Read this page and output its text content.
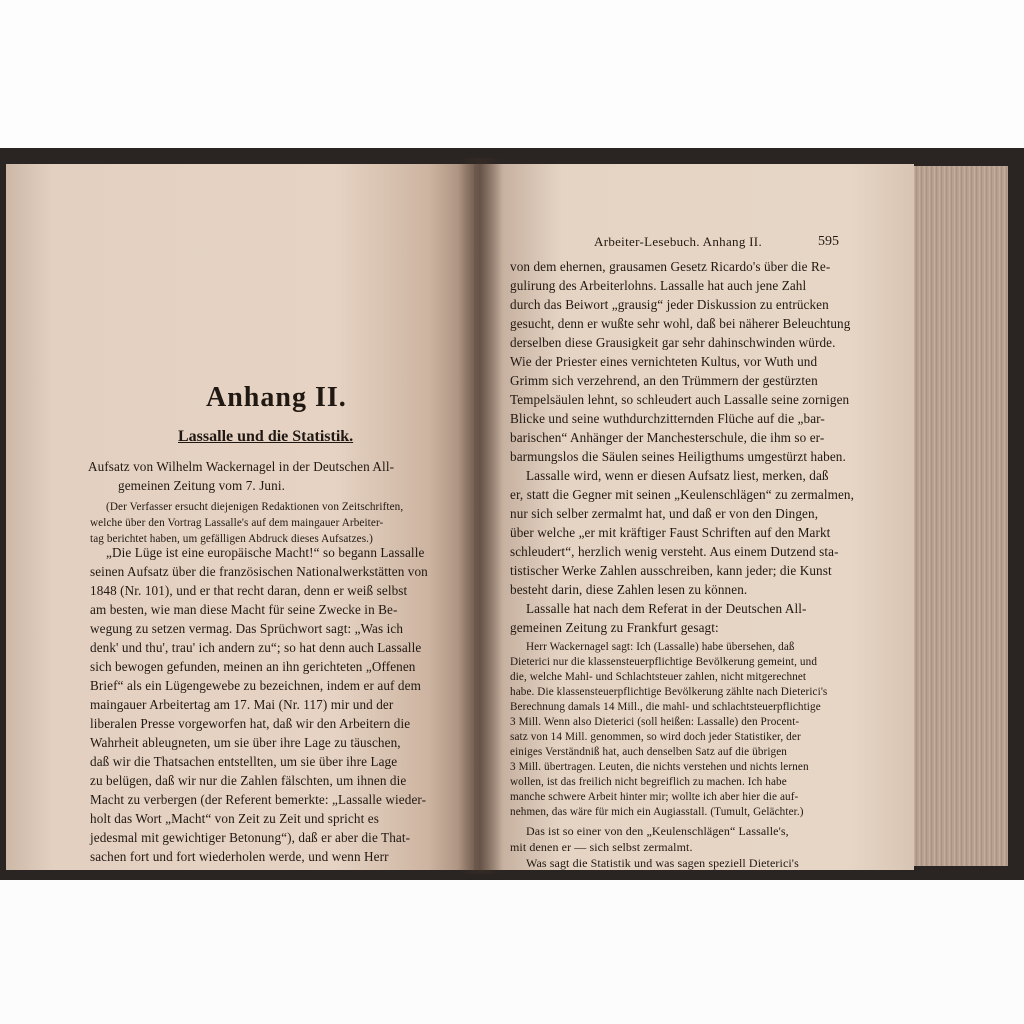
Anhang II.
Lassalle und die Statistik.
Aufsatz von Wilhelm Wackernagel in der Deutschen All-
gemeinen Zeitung vom 7. Juni.
(Der Verfasser ersucht diejenigen Redaktionen von Zeitschriften,
welche über den Vortrag Lassalle's auf dem maingauer Arbeiter-
tag berichtet haben, um gefälligen Abdruck dieses Aufsatzes.)
„Die Lüge ist eine europäische Macht!“ so begann Lassalle
seinen Aufsatz über die französischen Nationalwerkstätten von
1848 (Nr. 101), und er that recht daran, denn er weiß selbst
am besten, wie man diese Macht für seine Zwecke in Be-
wegung zu setzen vermag. Das Sprüchwort sagt: „Was ich
denk' und thu', trau' ich andern zu“; so hat denn auch Lassalle
sich bewogen gefunden, meinen an ihn gerichteten „Offenen
Brief“ als ein Lügengewebe zu bezeichnen, indem er auf dem
maingauer Arbeitertag am 17. Mai (Nr. 117) mir und der
liberalen Presse vorgeworfen hat, daß wir den Arbeitern die
Wahrheit ableugneten, um sie über ihre Lage zu täuschen,
daß wir die Thatsachen entstellten, um sie über ihre Lage
zu belügen, daß wir nur die Zahlen fälschten, um ihnen die
Macht zu verbergen (der Referent bemerkte: „Lassalle wieder-
holt das Wort „Macht“ von Zeit zu Zeit und spricht es
jedesmal mit gewichtiger Betonung“), daß er aber die That-
sachen fort und fort wiederholen werde, und wenn Herr
Arbeiter-Lesebuch. Anhang II.	595
von dem ehernen, grausamen Gesetz Ricardo's über die Re-
gulirung des Arbeiterlohns. Lassalle hat auch jene Zahl
durch das Beiwort „grausig“ jeder Diskussion zu entrücken
gesucht, denn er wußte sehr wohl, daß bei näherer Beleuchtung
derselben diese Grausigkeit gar sehr dahinschwinden würde.
Wie der Priester eines vernichteten Kultus, vor Wuth und
Grimm sich verzehrend, an den Trümmern der gestürzten
Tempelsäulen lehnt, so schleudert auch Lassalle seine zornigen
Blicke und seine wuthdurchzitternden Flüche auf die „bar-
barischen“ Anhänger der Manchesterschule, die ihm so er-
barmungslos die Säulen seines Heiligthums umgestürzt haben.
Lassalle wird, wenn er diesen Aufsatz liest, merken, daß
er, statt die Gegner mit seinen „Keulenschlägen“ zu zermalmen,
nur sich selber zermalmt hat, und daß er von den Dingen,
über welche „er mit kräftiger Faust Schriften auf den Markt
schleudert“, herzlich wenig versteht. Aus einem Dutzend sta-
tistischer Werke Zahlen ausschreiben, kann jeder; die Kunst
besteht darin, diese Zahlen lesen zu können.
Lassalle hat nach dem Referat in der Deutschen All-
gemeinen Zeitung zu Frankfurt gesagt:
Herr Wackernagel sagt: Ich (Lassalle) habe übersehen, daß
Dieterici nur die klassensteuerpflichtige Bevölkerung gemeint, und
die, welche Mahl- und Schlachtsteuer zahlen, nicht mitgerechnet
habe. Die klassensteuerpflichtige Bevölkerung zählte nach Dieterici's
Berechnung damals 14 Mill., die mahl- und schlachtsteuerpflichtige
3 Mill. Wenn also Dieterici (soll heißen: Lassalle) den Procent-
satz von 14 Mill. genommen, so wird doch jeder Statistiker, der
einiges Verständniß hat, auch denselben Satz auf die übrigen
3 Mill. übertragen. Leuten, die nichts verstehen und nichts lernen
wollen, ist das freilich nicht begreiflich zu machen. Ich habe
manche schwere Arbeit hinter mir; wollte ich aber hier die auf-
nehmen, das wäre für mich ein Augiasstall. (Tumult, Gelächter.)
Das ist so einer von den „Keulenschlägen“ Lassalle's,
mit denen er — sich selbst zermalmt.
Was sagt die Statistik und was sagen speziell Dieterici's
